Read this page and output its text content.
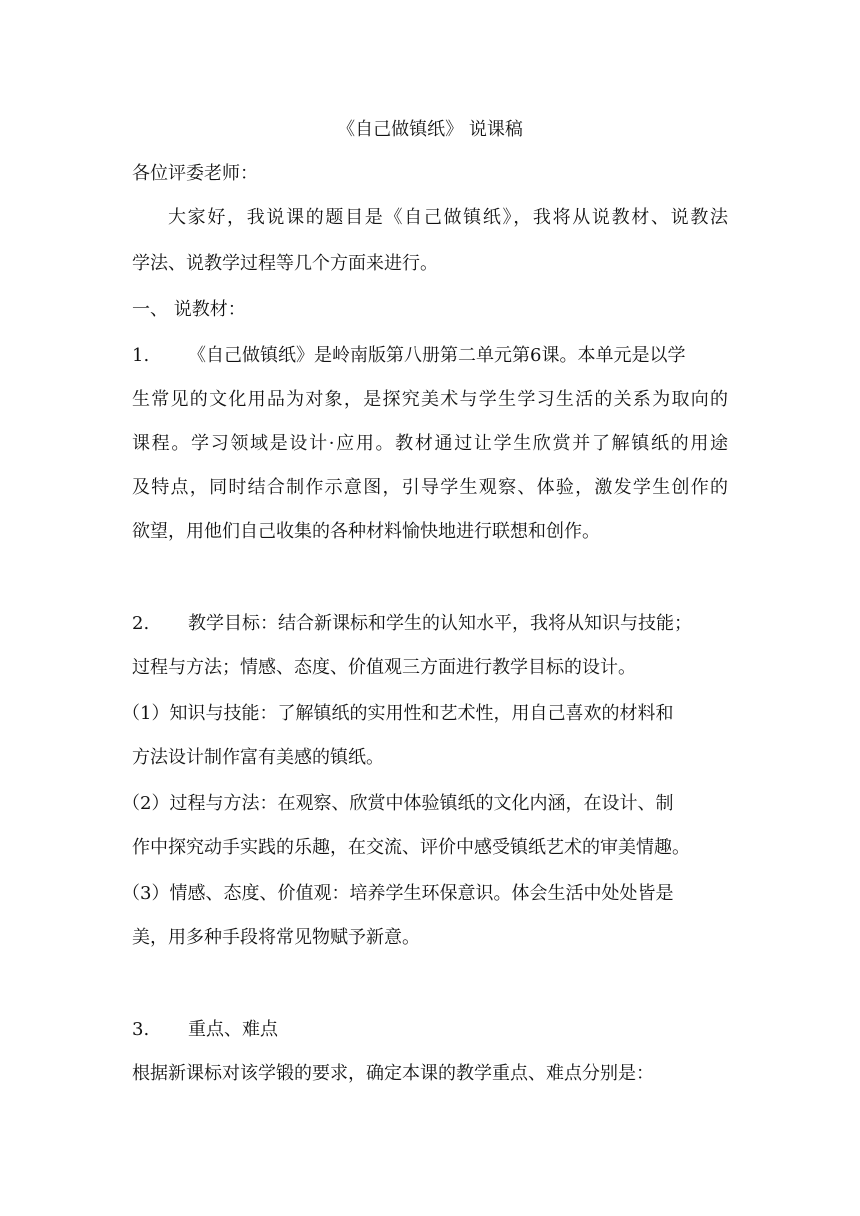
《自己做镇纸》 说课稿

各位评委老师：

大家好，我说课的题目是《自己做镇纸》，我将从说教材、说教法

学法、说教学过程等几个方面来进行。

一、 说教材：

1. 《自己做镇纸》是岭南版第八册第二单元第6课。本单元是以学

生常见的文化用品为对象，是探究美术与学生学习生活的关系为取向的

课程。学习领域是设计·应用。教材通过让学生欣赏并了解镇纸的用途

及特点，同时结合制作示意图，引导学生观察、体验，激发学生创作的

欲望，用他们自己收集的各种材料愉快地进行联想和创作。

2. 教学目标：结合新课标和学生的认知水平，我将从知识与技能；

过程与方法；情感、态度、价值观三方面进行教学目标的设计。

（1）知识与技能：了解镇纸的实用性和艺术性，用自己喜欢的材料和

方法设计制作富有美感的镇纸。

（2）过程与方法：在观察、欣赏中体验镇纸的文化内涵，在设计、制

作中探究动手实践的乐趣，在交流、评价中感受镇纸艺术的审美情趣。

（3）情感、态度、价值观：培养学生环保意识。体会生活中处处皆是

美，用多种手段将常见物赋予新意。

3. 重点、难点

根据新课标对该学锻的要求，确定本课的教学重点、难点分别是：
